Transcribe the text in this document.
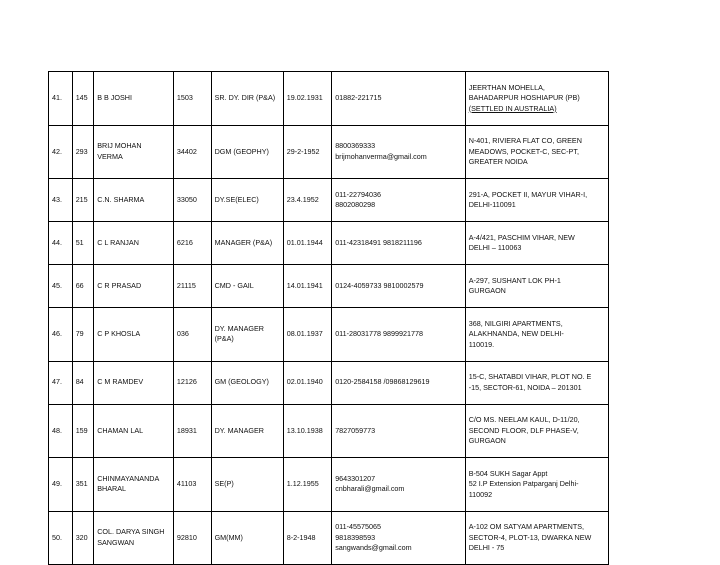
41.	145	B B JOSHI	1503	SR. DY. DIR (P&A)	19.02.1931	01882-221715	JEERTHAN MOHELLA,
BAHADARPUR HOSHIAPUR (PB)

(SETTLED IN AUSTRALIA)

42.	293	BRIJ MOHAN
VERMA	34402	DGM (GEOPHY)	29-2-1952	8800369333
brijmohanverma@gmail.com	N-401, RIVIERA FLAT CO, GREEN
MEADOWS, POCKET-C, SEC-PT,
GREATER NOIDA

43.	215	C.N. SHARMA	33050	DY.SE(ELEC)	23.4.1952	011-22794036
8802080298	291-A, POCKET II, MAYUR VIHAR-I,
DELHI-110091

44.	51	C L RANJAN	6216	MANAGER (P&A)	01.01.1944	011-42318491 9818211196	A-4/421, PASCHIM VIHAR, NEW
DELHI – 110063

45.	66	C R PRASAD	21115	CMD - GAIL	14.01.1941	0124-4059733 9810002579	A-297, SUSHANT LOK PH-1
GURGAON

46.	79	C P KHOSLA	036	DY. MANAGER
(P&A)	08.01.1937	011-28031778 9899921778	368, NILGIRI APARTMENTS,
ALAKHNANDA, NEW DELHI-
110019.

47.	84	C M RAMDEV	12126	GM (GEOLOGY)	02.01.1940	0120-2584158 /09868129619	15-C, SHATABDI VIHAR, PLOT NO. E
-15, SECTOR-61, NOIDA – 201301

48.	159	CHAMAN LAL	18931	DY. MANAGER	13.10.1938	7827059773	C/O MS. NEELAM KAUL, D-11/20,
SECOND FLOOR, DLF PHASE-V,
GURGAON

49.	351	CHINMAYANANDA
BHARAL	41103	SE(P)	1.12.1955	9643301207
cnbharali@gmail.com	B-504 SUKH Sagar Appt
52 I.P Extension Patparganj Delhi-
110092

50.	320	COL. DARYA SINGH
SANGWAN	92810	GM(MM)	8-2-1948	011-45575065
9818398593
sangwands@gmail.com	A-102 OM SATYAM APARTMENTS,
SECTOR-4, PLOT-13, DWARKA NEW
DELHI - 75
